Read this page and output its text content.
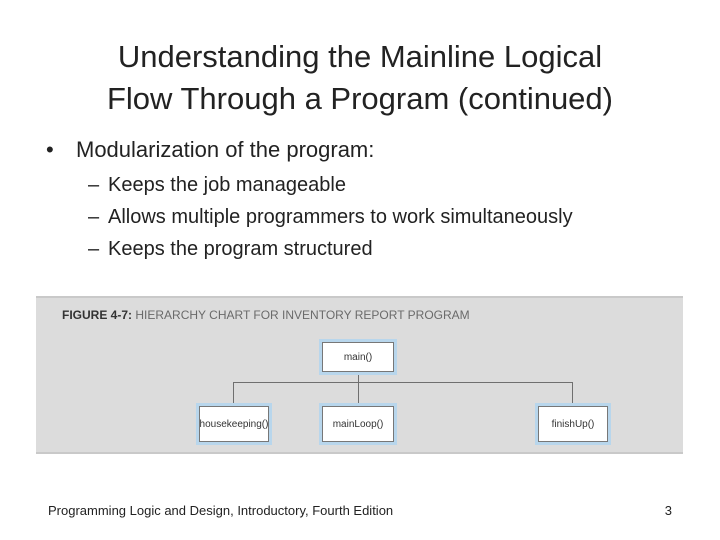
Understanding the Mainline Logical
Flow Through a Program (continued)
• Modularization of the program:
– Keeps the job manageable
– Allows multiple programmers to work simultaneously
– Keeps the program structured
FIGURE 4-7: HIERARCHY CHART FOR INVENTORY REPORT PROGRAM
main()
housekeeping()	mainLoop()	finishUp()
Programming Logic and Design, Introductory, Fourth Edition	3
